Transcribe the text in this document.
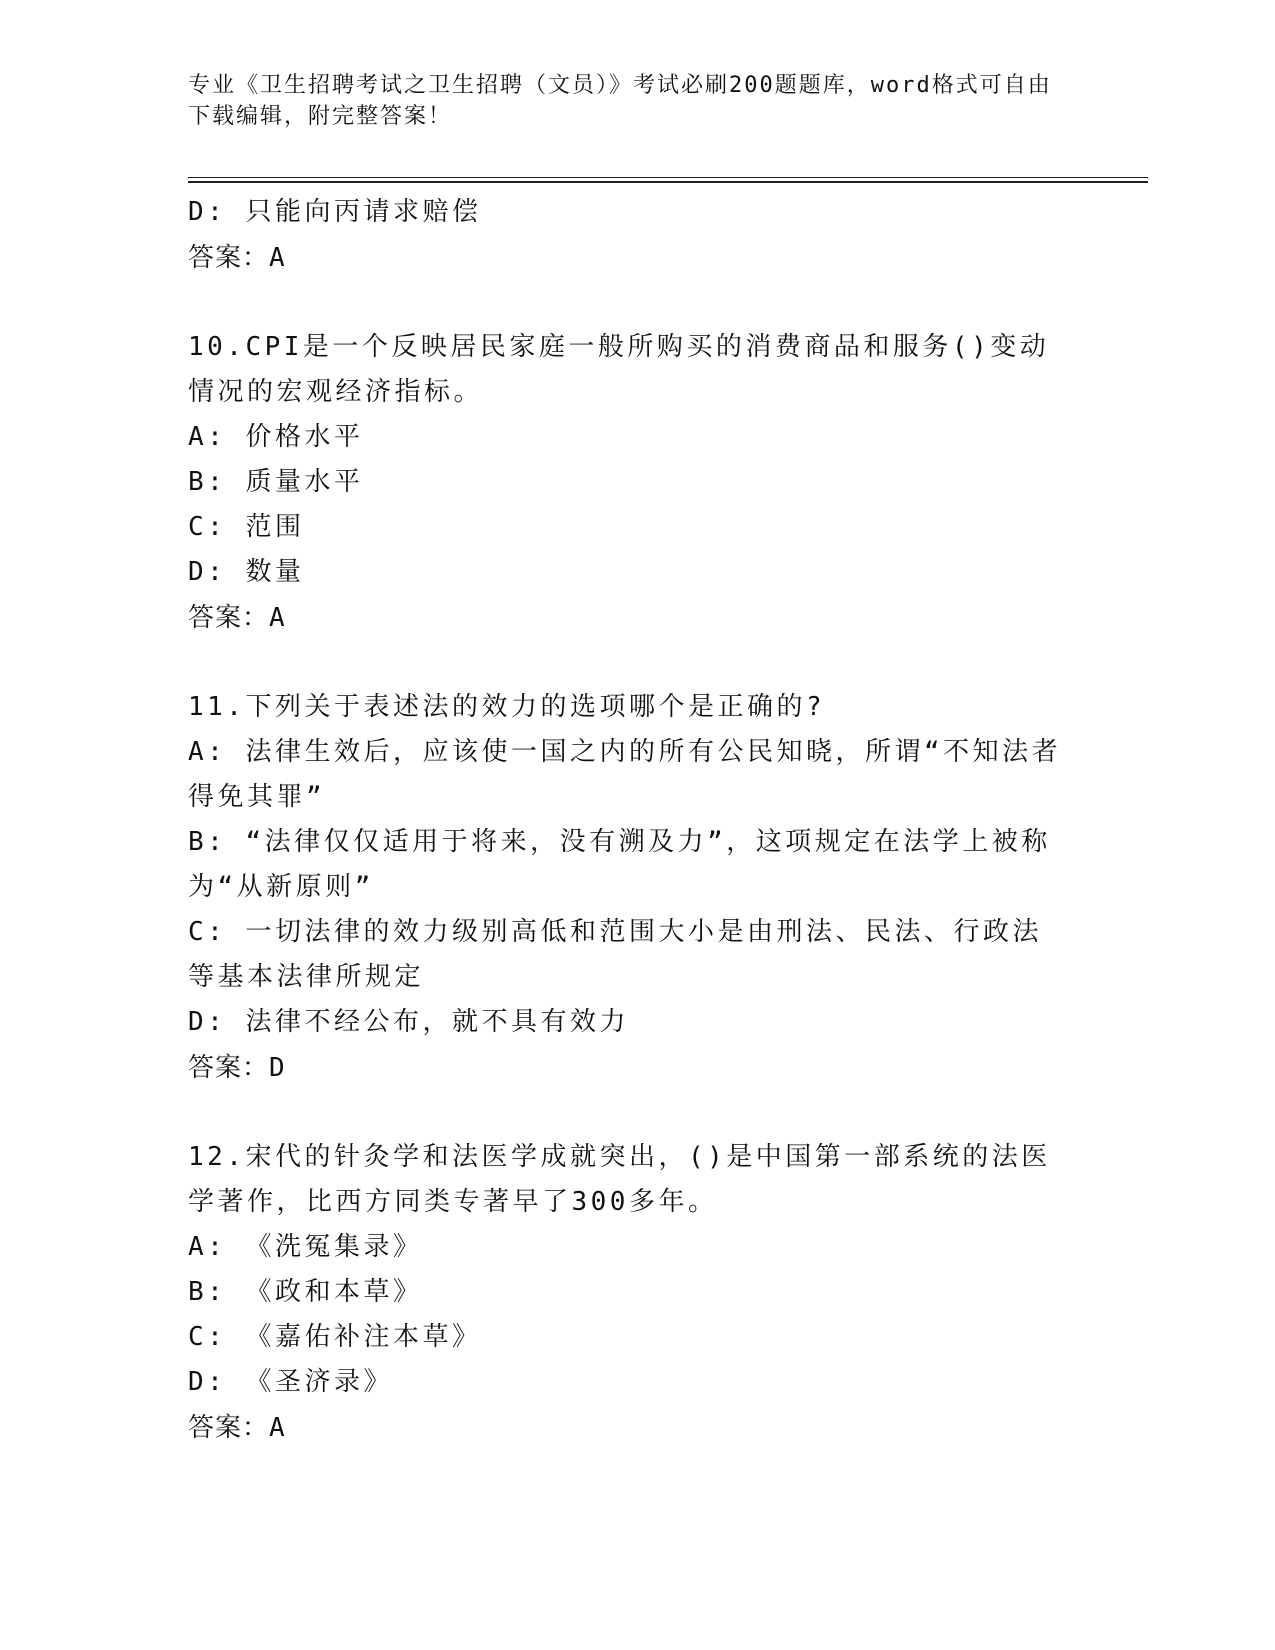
专业《卫生招聘考试之卫生招聘（文员）》考试必刷200题题库，word格式可自由下载编辑，附完整答案！
D: 只能向丙请求赔偿
答案：A
10.CPI是一个反映居民家庭一般所购买的消费商品和服务()变动情况的宏观经济指标。
A: 价格水平
B: 质量水平
C: 范围
D: 数量
答案：A
11.下列关于表述法的效力的选项哪个是正确的?
A: 法律生效后，应该使一国之内的所有公民知晓，所谓“不知法者得免其罪”
B: “法律仅仅适用于将来，没有溯及力”，这项规定在法学上被称为“从新原则”
C: 一切法律的效力级别高低和范围大小是由刑法、民法、行政法等基本法律所规定
D: 法律不经公布，就不具有效力
答案：D
12.宋代的针灸学和法医学成就突出，()是中国第一部系统的法医学著作，比西方同类专著早了300多年。
A: 《洗冤集录》
B: 《政和本草》
C: 《嘉佑补注本草》
D: 《圣济录》
答案：A
